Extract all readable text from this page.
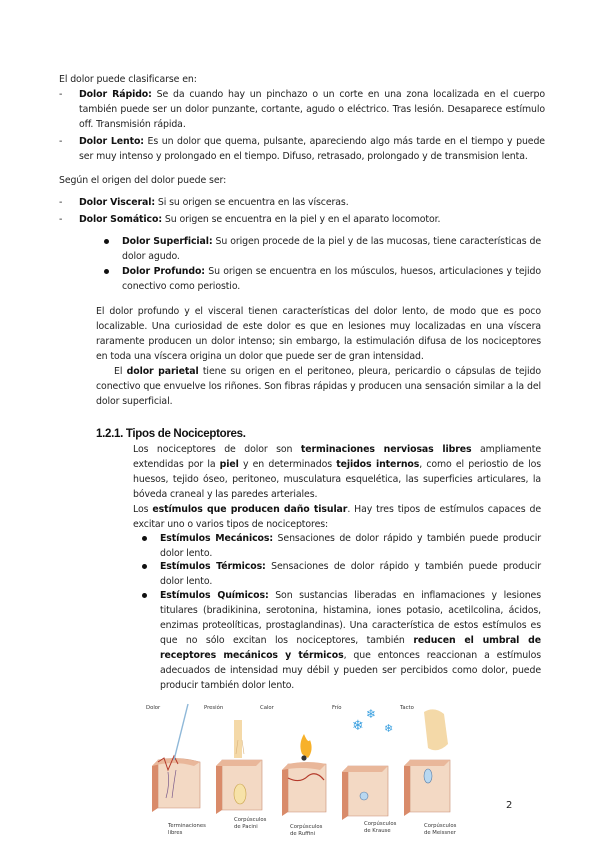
El dolor puede clasificarse en:
- Dolor Rápido: Se da cuando hay un pinchazo o un corte en una zona localizada en el cuerpo también puede ser un dolor punzante, cortante, agudo o eléctrico. Tras lesión. Desaparece estímulo off. Transmisión rápida.
- Dolor Lento: Es un dolor que quema, pulsante, apareciendo algo más tarde en el tiempo y puede ser muy intenso y prolongado en el tiempo. Difuso, retrasado, prolongado y de transmision lenta.
Según el origen del dolor puede ser:
- Dolor Visceral: Si su origen se encuentra en las vísceras.
- Dolor Somático: Su origen se encuentra en la piel y en el aparato locomotor.
Dolor Superficial: Su origen procede de la piel y de las mucosas, tiene características de dolor agudo.
Dolor Profundo: Su origen se encuentra en los músculos, huesos, articulaciones y tejido conectivo como periostio.
El dolor profundo y el visceral tienen características del dolor lento, de modo que es poco localizable. Una curiosidad de este dolor es que en lesiones muy localizadas en una víscera raramente producen un dolor intenso; sin embargo, la estimulación difusa de los nociceptores en toda una víscera origina un dolor que puede ser de gran intensidad.
El dolor parietal tiene su origen en el peritoneo, pleura, pericardio o cápsulas de tejido conectivo que envuelve los riñones. Son fibras rápidas y producen una sensación similar a la del dolor superficial.
1.2.1. Tipos de Nociceptores.
Los nociceptores de dolor son terminaciones nerviosas libres ampliamente extendidas por la piel y en determinados tejidos internos, como el periostio de los huesos, tejido óseo, peritoneo, musculatura esquelética, las superficies articulares, la bóveda craneal y las paredes arteriales.
Los estímulos que producen daño tisular. Hay tres tipos de estímulos capaces de excitar uno o varios tipos de nociceptores:
Estímulos Mecánicos: Sensaciones de dolor rápido y también puede producir dolor lento.
Estímulos Térmicos: Sensaciones de dolor rápido y también puede producir dolor lento.
Estímulos Químicos: Son sustancias liberadas en inflamaciones y lesiones titulares (bradikinina, serotonina, histamina, iones potasio, acetilcolina, ácidos, enzimas proteolíticas, prostaglandinas). Una característica de estos estímulos es que no sólo excitan los nociceptores, también reducen el umbral de receptores mecánicos y térmicos, que entonces reaccionan a estímulos adecuados de intensidad muy débil y pueden ser percibidos como dolor, puede producir también dolor lento.
❄
❄
❄
Dolor	Presión	Calor	Frío	Tacto
Terminaciones libres
Corpúsculos de Pacini	Corpúsculos de Ruffini
Corpúsculos de Krause
Corpúsculos de Meissner
2
